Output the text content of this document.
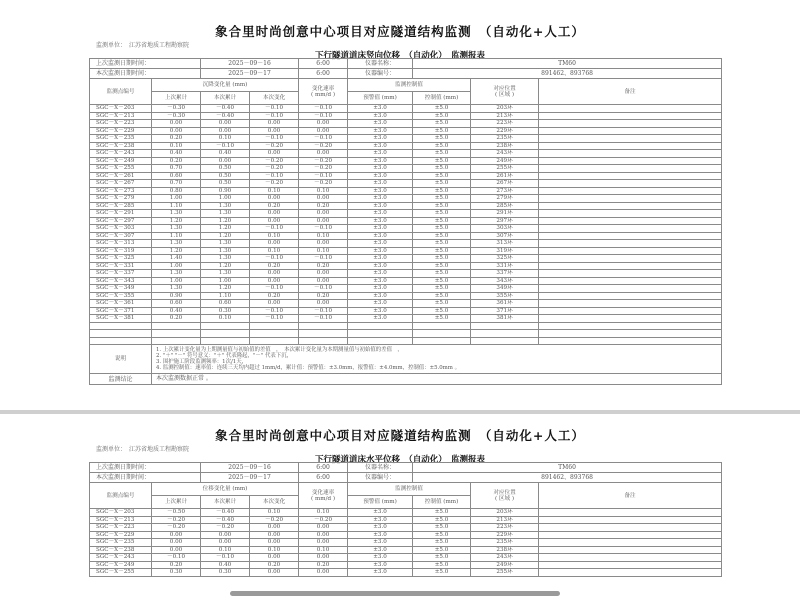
象合里时尚创意中心项目对应隧道结构监测　（自动化+人工）
监测单位：　江苏省地质工程勘察院
下行隧道道床竖向位移　（自动化）　监测报表
上次监测日期时间：		2025－09－16		6:00	仪器名称：	TM60		
本次监测日期时间：		2025－09－17		6:00	仪器编号：	891462、893768		
监测点编号	沉降变化量 (mm)			变化速率
( mm/d )	监测控制值		对应位置
( 区域 )	备注
	上次累计	本次累计	本次变化		预警值 (mm)	控制值 (mm)		
SGC－X－203	－0.30	－0.40	－0.10	－0.10	±3.0	±5.0	203环	
SGC－X－213	－0.30	－0.40	－0.10	－0.10	±3.0	±5.0	213环	
SGC－X－223	0.00	0.00	0.00	0.00	±3.0	±5.0	223环	
SGC－X－229	0.00	0.00	0.00	0.00	±3.0	±5.0	229环	
SGC－X－235	0.20	0.10	－0.10	－0.10	±3.0	±5.0	235环	
SGC－X－238	0.10	－0.10	－0.20	－0.20	±3.0	±5.0	238环	
SGC－X－243	0.40	0.40	0.00	0.00	±3.0	±5.0	243环	
SGC－X－249	0.20	0.00	－0.20	－0.20	±3.0	±5.0	249环	
SGC－X－255	0.70	0.50	－0.20	－0.20	±3.0	±5.0	255环	
SGC－X－261	0.60	0.50	－0.10	－0.10	±3.0	±5.0	261环	
SGC－X－267	0.70	0.50	－0.20	－0.20	±3.0	±5.0	267环	
SGC－X－273	0.80	0.90	0.10	0.10	±3.0	±5.0	273环	
SGC－X－279	1.00	1.00	0.00	0.00	±3.0	±5.0	279环	
SGC－X－285	1.10	1.30	0.20	0.20	±3.0	±5.0	285环	
SGC－X－291	1.30	1.30	0.00	0.00	±3.0	±5.0	291环	
SGC－X－297	1.20	1.20	0.00	0.00	±3.0	±5.0	297环	
SGC－X－303	1.30	1.20	－0.10	－0.10	±3.0	±5.0	303环	
SGC－X－307	1.10	1.20	0.10	0.10	±3.0	±5.0	307环	
SGC－X－313	1.30	1.30	0.00	0.00	±3.0	±5.0	313环	
SGC－X－319	1.20	1.30	0.10	0.10	±3.0	±5.0	319环	
SGC－X－325	1.40	1.30	－0.10	－0.10	±3.0	±5.0	325环	
SGC－X－331	1.00	1.20	0.20	0.20	±3.0	±5.0	331环	
SGC－X－337	1.30	1.30	0.00	0.00	±3.0	±5.0	337环	
SGC－X－343	1.00	1.00	0.00	0.00	±3.0	±5.0	343环	
SGC－X－349	1.30	1.20	－0.10	－0.10	±3.0	±5.0	349环	
SGC－X－355	0.90	1.10	0.20	0.20	±3.0	±5.0	355环	
SGC－X－361	0.60	0.60	0.00	0.00	±3.0	±5.0	361环	
SGC－X－371	0.40	0.30	－0.10	－0.10	±3.0	±5.0	371环	
SGC－X－381	0.20	0.10	－0.10	－0.10	±3.0	±5.0	381环	

说明	1. 上次累计变化量为上期测量值与初始值的差值　，　本次累计变化量为本期测量值与初始值的差值　，
2. "＋" "－" 符号意义："＋" 代表隆起，"－" 代表下沉，
3. 围护施工阶段监测频率：1次/1天，
4. 监测控制值：速率值：连续三天均内超过 1mm/d，累计值：预警值：±3.0mm，报警值：±4.0mm，控制值：±5.0mm 。							

监测结论	本次监测数据正常 。							
象合里时尚创意中心项目对应隧道结构监测　（自动化+人工）
监测单位：　江苏省地质工程勘察院
下行隧道道床水平位移　（自动化）　监测报表
上次监测日期时间：		2025－09－16		6:00	仪器名称：	TM60		
本次监测日期时间：		2025－09－17		6:00	仪器编号：	891462、893768		
监测点编号	位移变化量 (mm)			变化速率
( mm/d )	监测控制值		对应位置
( 区域 )	备注
	上次累计	本次累计	本次变化		预警值 (mm)	控制值 (mm)		
SGC－X－203	－0.50	－0.40	0.10	0.10	±3.0	±5.0	203环	
SGC－X－213	－0.20	－0.40	－0.20	－0.20	±3.0	±5.0	213环	
SGC－X－223	－0.20	－0.20	0.00	0.00	±3.0	±5.0	223环	
SGC－X－229	0.00	0.00	0.00	0.00	±3.0	±5.0	229环	
SGC－X－235	0.00	0.00	0.00	0.00	±3.0	±5.0	235环	
SGC－X－238	0.00	0.10	0.10	0.10	±3.0	±5.0	238环	
SGC－X－243	－0.10	－0.10	0.00	0.00	±3.0	±5.0	243环	
SGC－X－249	0.20	0.40	0.20	0.20	±3.0	±5.0	249环	
SGC－X－255	0.30	0.30	0.00	0.00	±3.0	±5.0	255环	
